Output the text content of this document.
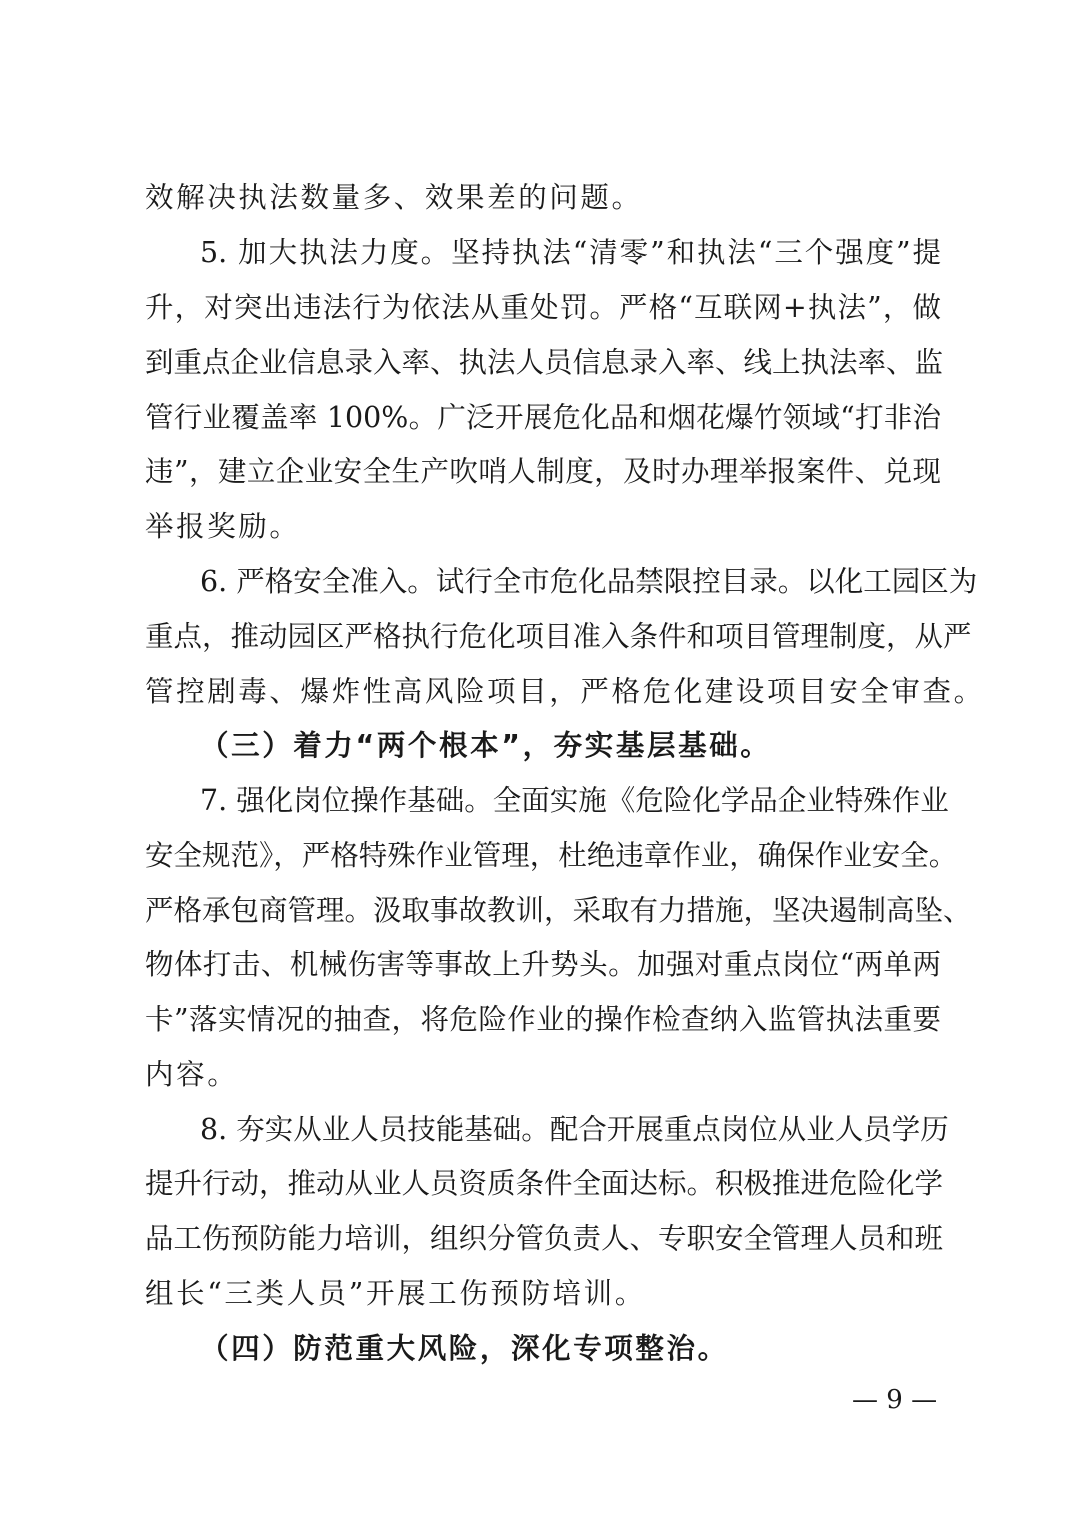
效解决执法数量多、效果差的问题。
5. 加大执法力度。坚持执法“清零”和执法“三个强度”提
升，对突出违法行为依法从重处罚。严格“互联网+执法”，做
到重点企业信息录入率、执法人员信息录入率、线上执法率、监
管行业覆盖率 100%。广泛开展危化品和烟花爆竹领域“打非治
违”，建立企业安全生产吹哨人制度，及时办理举报案件、兑现
举报奖励。
6. 严格安全准入。试行全市危化品禁限控目录。以化工园区为
重点，推动园区严格执行危化项目准入条件和项目管理制度，从严
管控剧毒、爆炸性高风险项目，严格危化建设项目安全审查。
（三）着力“两个根本”，夯实基层基础。
7. 强化岗位操作基础。全面实施《危险化学品企业特殊作业
安全规范》，严格特殊作业管理，杜绝违章作业，确保作业安全。
严格承包商管理。汲取事故教训，采取有力措施，坚决遏制高坠、
物体打击、机械伤害等事故上升势头。加强对重点岗位“两单两
卡”落实情况的抽查，将危险作业的操作检查纳入监管执法重要
内容。
8. 夯实从业人员技能基础。配合开展重点岗位从业人员学历
提升行动，推动从业人员资质条件全面达标。积极推进危险化学
品工伤预防能力培训，组织分管负责人、专职安全管理人员和班
组长“三类人员”开展工伤预防培训。
（四）防范重大风险，深化专项整治。
— 9 —
